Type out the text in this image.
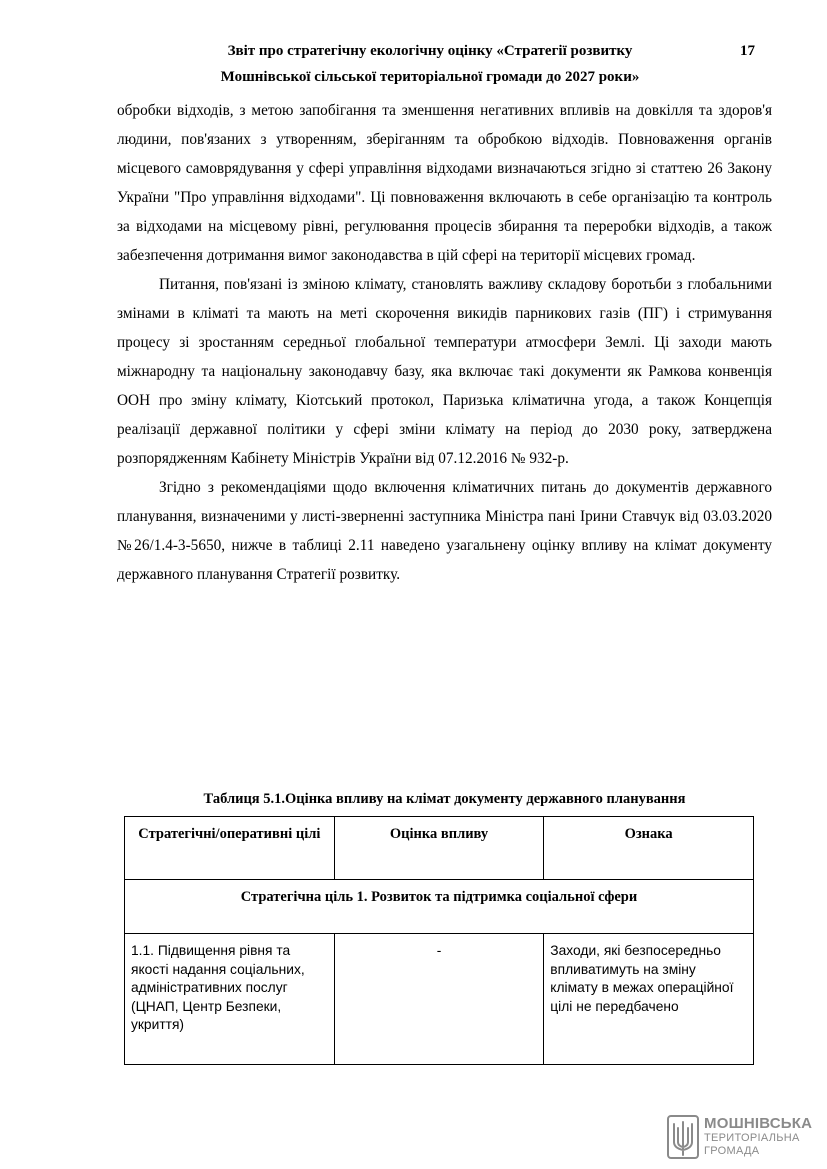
Звіт про стратегічну екологічну оцінку «Стратегії розвитку
Мошнівської сільської територіальної громади до 2027 роки»
17

обробки відходів, з метою запобігання та зменшення негативних впливів на довкілля та здоров'я людини, пов'язаних з утворенням, зберіганням та обробкою відходів. Повноваження органів місцевого самоврядування у сфері управління відходами визначаються згідно зі статтею 26 Закону України "Про управління відходами". Ці повноваження включають в себе організацію та контроль за відходами на місцевому рівні, регулювання процесів збирання та переробки відходів, а також забезпечення дотримання вимог законодавства в цій сфері на території місцевих громад.

Питання, пов'язані із зміною клімату, становлять важливу складову боротьби з глобальними змінами в кліматі та мають на меті скорочення викидів парникових газів (ПГ) і стримування процесу зі зростанням середньої глобальної температури атмосфери Землі. Ці заходи мають міжнародну та національну законодавчу базу, яка включає такі документи як Рамкова конвенція ООН про зміну клімату, Кіотський протокол, Паризька кліматична угода, а також Концепція реалізації державної політики у сфері зміни клімату на період до 2030 року, затверджена розпорядженням Кабінету Міністрів України від 07.12.2016 № 932-р.

Згідно з рекомендаціями щодо включення кліматичних питань до документів державного планування, визначеними у листі-зверненні заступника Міністра пані Ірини Ставчук від 03.03.2020 №26/1.4-3-5650, нижче в таблиці 2.11 наведено узагальнену оцінку впливу на клімат документу державного планування Стратегії розвитку.

Таблиця 5.1.Оцінка впливу на клімат документу державного планування
Стратегічні/оперативні цілі	Оцінка впливу	Ознака
Стратегічна ціль 1. Розвиток та підтримка соціальної сфери		
1.1. Підвищення рівня та якості надання соціальних, адміністративних послуг (ЦНАП, Центр Безпеки, укриття)	-	Заходи, які безпосередньо впливатимуть на зміну клімату в межах операційної цілі не передбачено
МОШНІВСЬКА
ТЕРИТОРІАЛЬНА
ГРОМАДА
